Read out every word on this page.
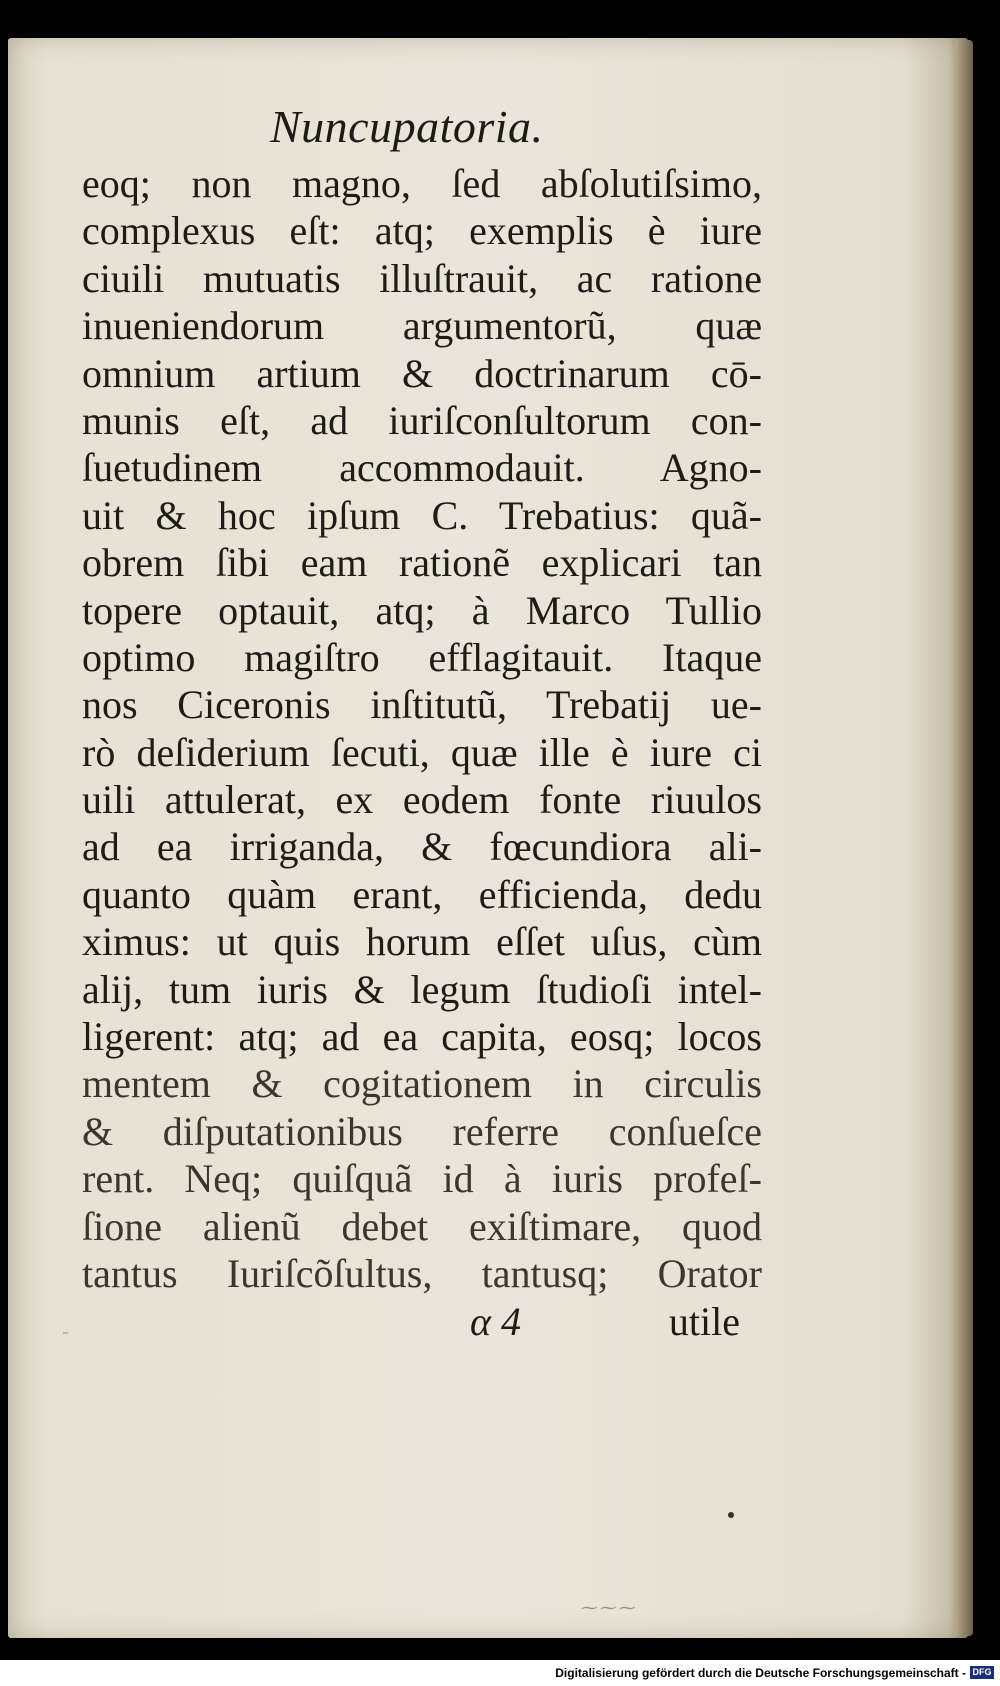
Nuncupatoria.
eoq; non magno, ſed abſolutiſsimo,
complexus eſt: atq; exemplis è iure
ciuili mutuatis illuſtrauit, ac ratione
inueniendorum argumentorũ, quæ
omnium artium & doctrinarum cō-
munis eſt, ad iuriſconſultorum con-
ſuetudinem accommodauit. Agno-
uit & hoc ipſum C. Trebatius: quã-
obrem ſibi eam rationẽ explicari tan
topere optauit, atq; à Marco Tullio
optimo magiſtro efflagitauit. Itaque
nos Ciceronis inſtitutũ, Trebatij ue-
rò deſiderium ſecuti, quæ ille è iure ci
uili attulerat, ex eodem fonte riuulos
ad ea irriganda, & fœcundiora ali-
quanto quàm erant, efficienda, dedu
ximus: ut quis horum eſſet uſus, cùm
alij, tum iuris & legum ſtudioſi intel-
ligerent: atq; ad ea capita, eosq; locos
mentem & cogitationem in circulis
& diſputationibus referre conſueſce
rent. Neq; quiſquã id à iuris profeſ-
ſione alienũ debet exiſtimare, quod
tantus Iuriſcõſultus, tantusq; Orator
α 4	utile
⁓⁓⁓
Digitalisierung gefördert durch die Deutsche Forschungsgemeinschaft - DFG
